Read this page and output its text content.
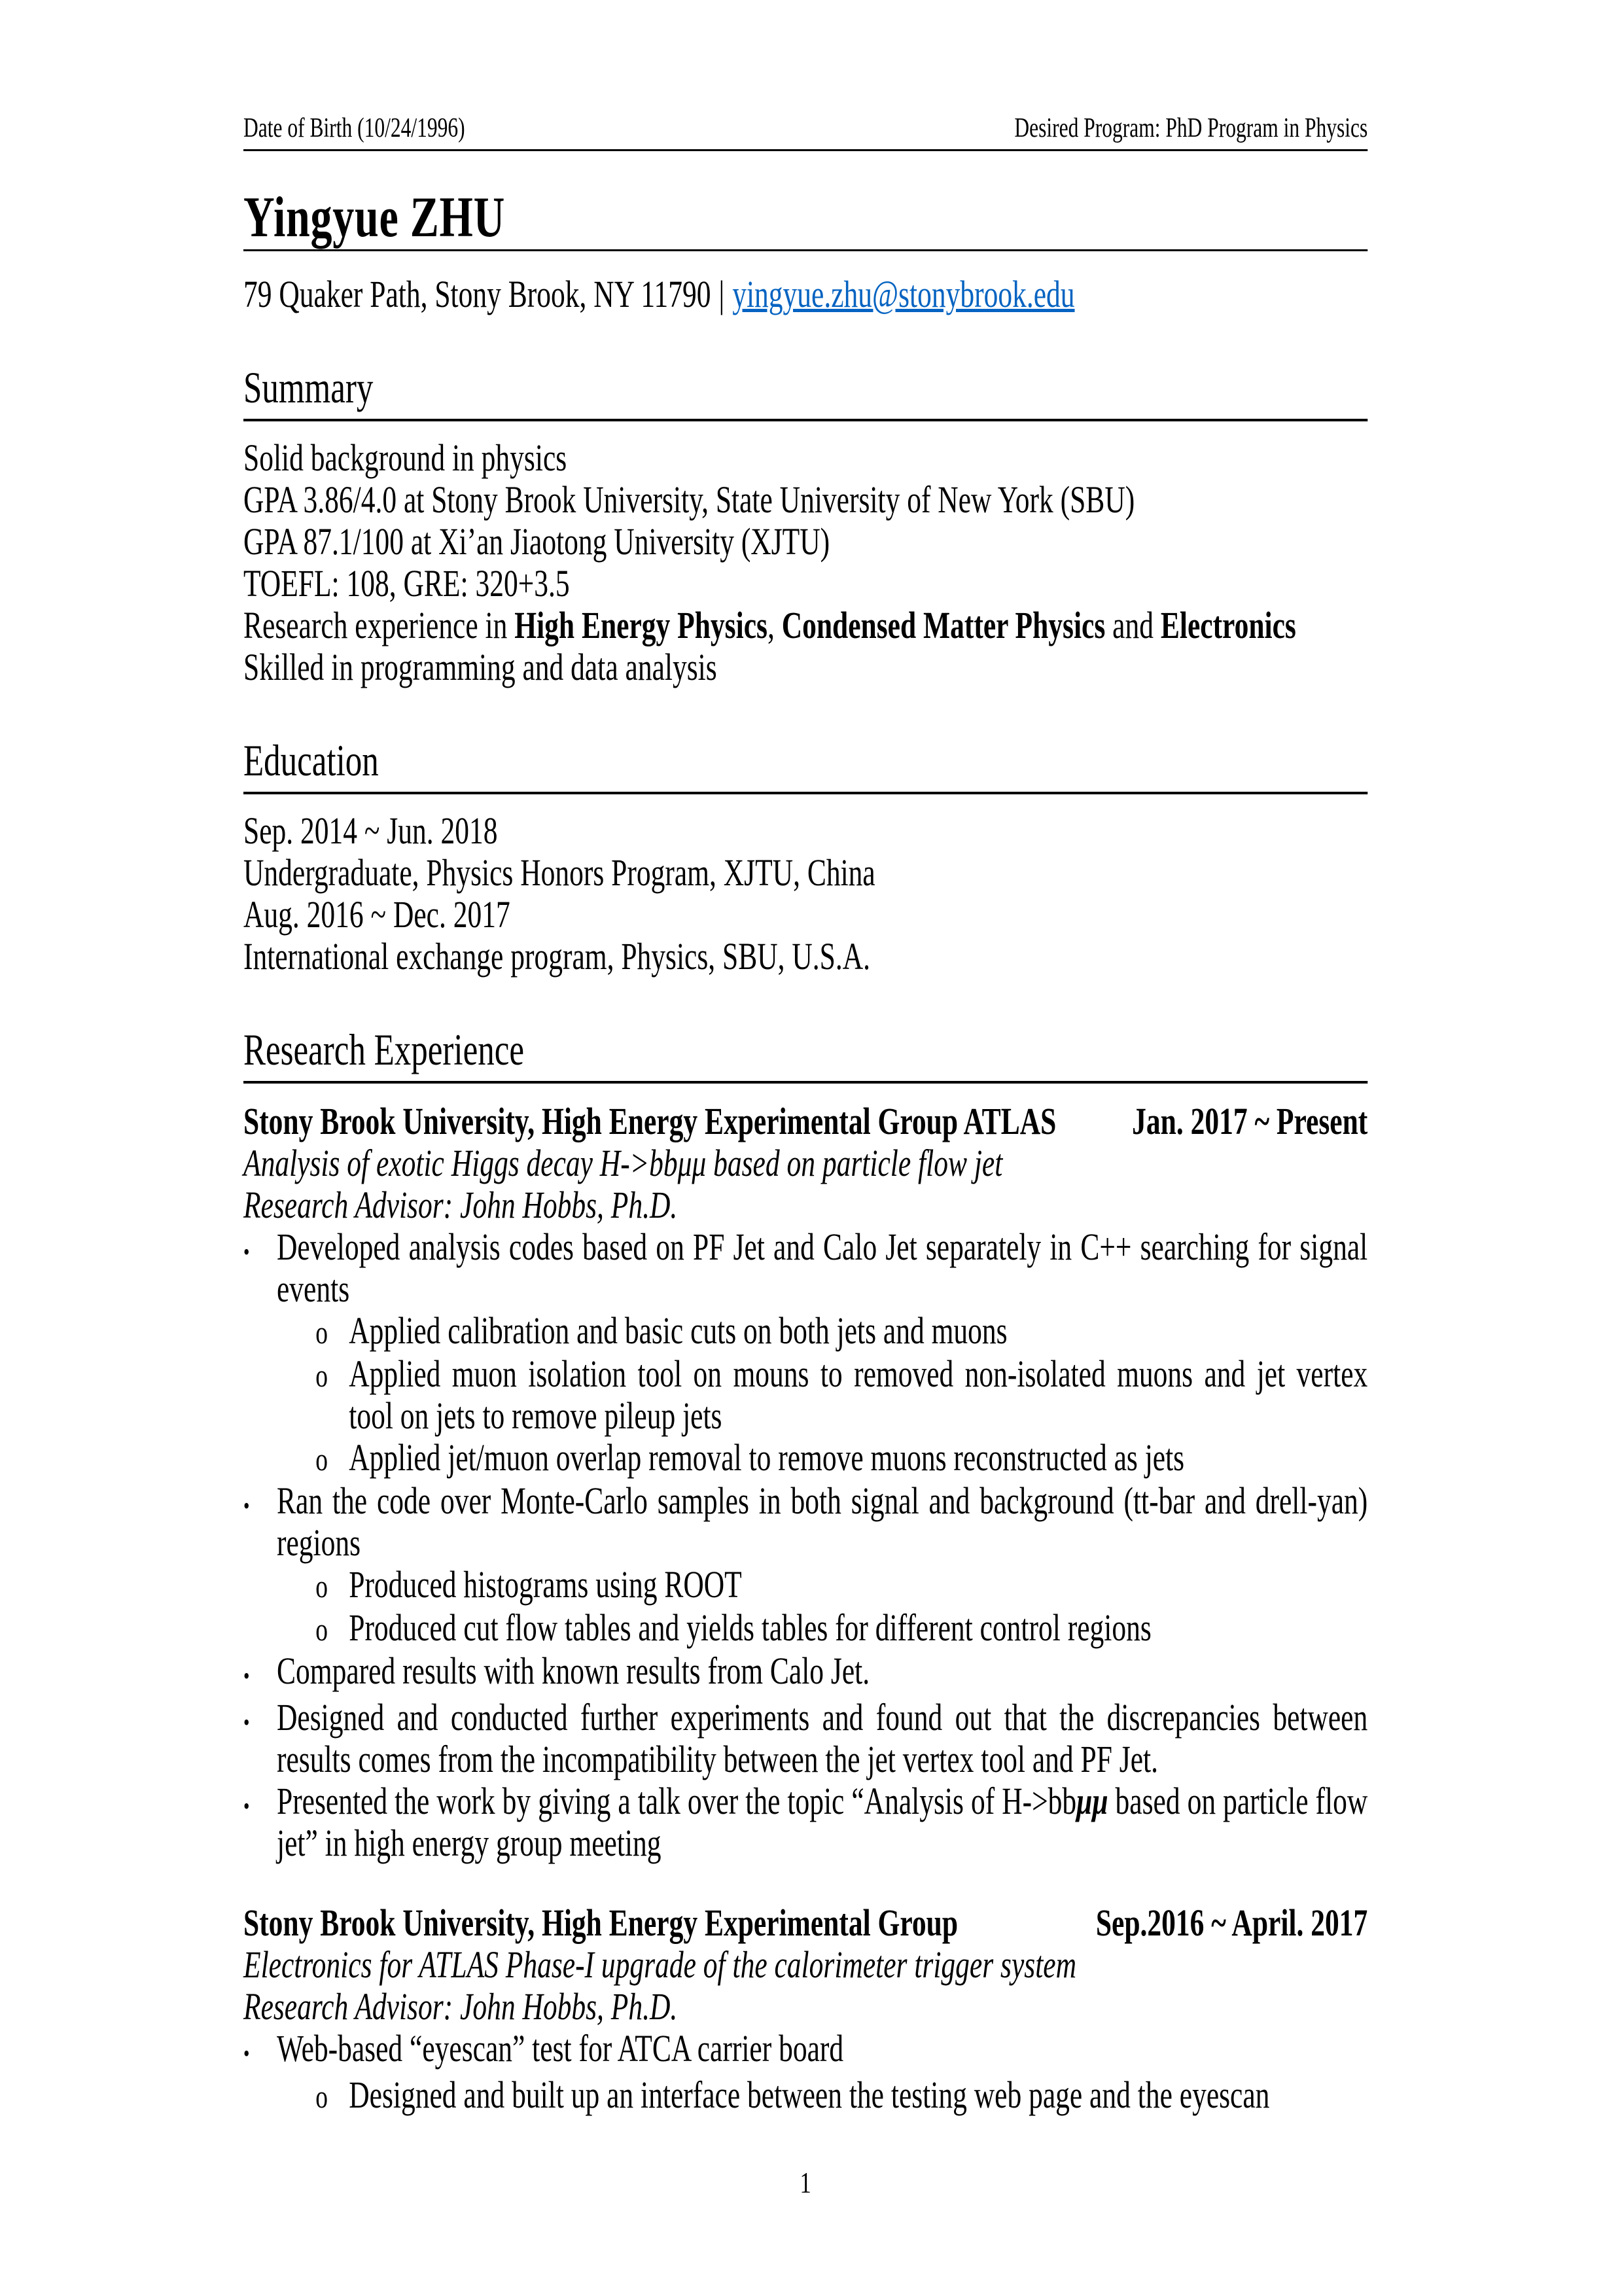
Date of Birth (10/24/1996)	Desired Program: PhD Program in Physics
Yingyue ZHU
79 Quaker Path, Stony Brook, NY 11790 | yingyue.zhu@stonybrook.edu
Summary
Solid background in physics
GPA 3.86/4.0 at Stony Brook University, State University of New York (SBU)
GPA 87.1/100 at Xi’an Jiaotong University (XJTU)
TOEFL: 108, GRE: 320+3.5
Research experience in High Energy Physics, Condensed Matter Physics and Electronics
Skilled in programming and data analysis
Education
Sep. 2014 ~ Jun. 2018
Undergraduate, Physics Honors Program, XJTU, China
Aug. 2016 ~ Dec. 2017
International exchange program, Physics, SBU, U.S.A.
Research Experience
Stony Brook University, High Energy Experimental Group ATLAS Jan. 2017 ~ Present
Analysis of exotic Higgs decay H->bbμμ based on particle flow jet
Research Advisor: John Hobbs, Ph.D.
• Developed analysis codes based on PF Jet and Calo Jet separately in C++ searching for signal events
o Applied calibration and basic cuts on both jets and muons
o Applied muon isolation tool on mouns to removed non-isolated muons and jet vertex tool on jets to remove pileup jets
o Applied jet/muon overlap removal to remove muons reconstructed as jets
• Ran the code over Monte-Carlo samples in both signal and background (tt-bar and drell-yan) regions
o Produced histograms using ROOT
o Produced cut flow tables and yields tables for different control regions
• Compared results with known results from Calo Jet.
• Designed and conducted further experiments and found out that the discrepancies between results comes from the incompatibility between the jet vertex tool and PF Jet.
• Presented the work by giving a talk over the topic “Analysis of H->bbμμ based on particle flow jet” in high energy group meeting
Stony Brook University, High Energy Experimental Group	Sep.2016 ~ April. 2017
Electronics for ATLAS Phase-I upgrade of the calorimeter trigger system
Research Advisor: John Hobbs, Ph.D.
• Web-based “eyescan” test for ATCA carrier board
o Designed and built up an interface between the testing web page and the eyescan
1
